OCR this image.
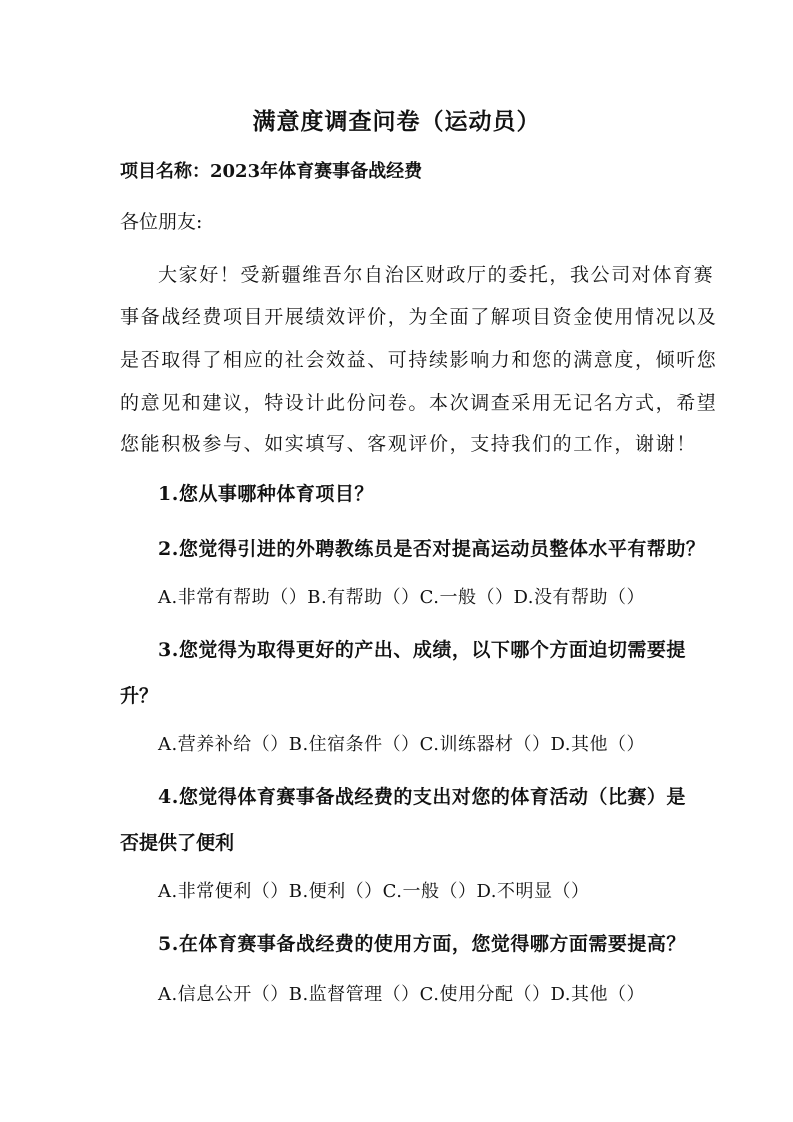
满意度调查问卷（运动员）
项目名称：2023年体育赛事备战经费
各位朋友:
大家好！受新疆维吾尔自治区财政厅的委托，我公司对体育赛
事备战经费项目开展绩效评价，为全面了解项目资金使用情况以及
是否取得了相应的社会效益、可持续影响力和您的满意度，倾听您
的意见和建议，特设计此份问卷。本次调查采用无记名方式，希望
您能积极参与、如实填写、客观评价，支持我们的工作，谢谢！
1.您从事哪种体育项目？
2.您觉得引进的外聘教练员是否对提高运动员整体水平有帮助？
A.非常有帮助（）B.有帮助（）C.一般（）D.没有帮助（）
3.您觉得为取得更好的产出、成绩，以下哪个方面迫切需要提
升？
A.营养补给（）B.住宿条件（）C.训练器材（）D.其他（）
4.您觉得体育赛事备战经费的支出对您的体育活动（比赛）是
否提供了便利
A.非常便利（）B.便利（）C.一般（）D.不明显（）
5.在体育赛事备战经费的使用方面，您觉得哪方面需要提高？
A.信息公开（）B.监督管理（）C.使用分配（）D.其他（）
